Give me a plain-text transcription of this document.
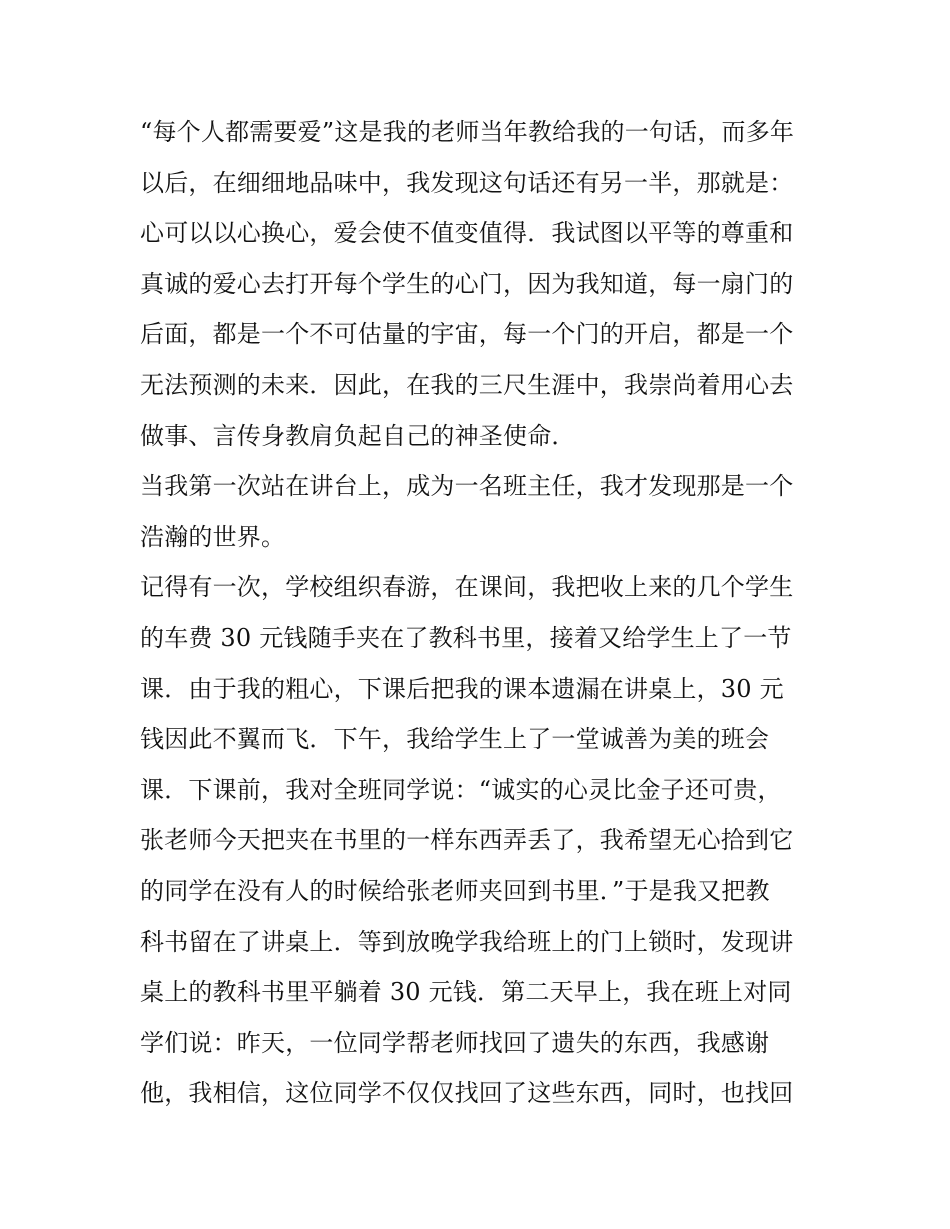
“每个人都需要爱”这是我的老师当年教给我的一句话，而多年
以后，在细细地品味中，我发现这句话还有另一半，那就是：
心可以以心换心，爱会使不值变值得．我试图以平等的尊重和
真诚的爱心去打开每个学生的心门，因为我知道，每一扇门的
后面，都是一个不可估量的宇宙，每一个门的开启，都是一个
无法预测的未来．因此，在我的三尺生涯中，我崇尚着用心去
做事、言传身教肩负起自己的神圣使命．
当我第一次站在讲台上，成为一名班主任，我才发现那是一个
浩瀚的世界。
记得有一次，学校组织春游，在课间，我把收上来的几个学生
的车费 30 元钱随手夹在了教科书里，接着又给学生上了一节
课．由于我的粗心，下课后把我的课本遗漏在讲桌上，30 元
钱因此不翼而飞．下午，我给学生上了一堂诚善为美的班会
课．下课前，我对全班同学说：“诚实的心灵比金子还可贵，
张老师今天把夹在书里的一样东西弄丢了，我希望无心拾到它
的同学在没有人的时候给张老师夹回到书里．”于是我又把教
科书留在了讲桌上．等到放晚学我给班上的门上锁时，发现讲
桌上的教科书里平躺着 30 元钱．第二天早上，我在班上对同
学们说：昨天，一位同学帮老师找回了遗失的东西，我感谢
他，我相信，这位同学不仅仅找回了这些东西，同时，也找回
